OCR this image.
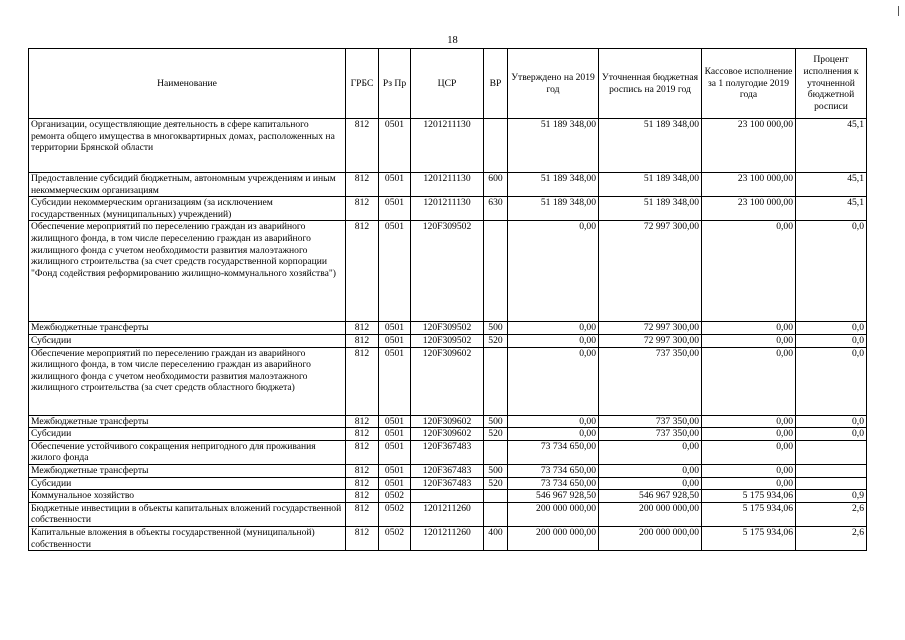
18
Наименование	ГРБС	Рз Пр	ЦСР	ВР	Утверждено на 2019 год	Уточненная бюджетная роспись на 2019 год	Кассовое исполнение за 1 полугодие 2019 года	Процент исполнения к уточненной бюджетной росписи
Организации, осуществляющие деятельность в сфере капитального ремонта общего имущества в многоквартирных домах, расположенных на территории Брянской области	812	0501	1201211130		51 189 348,00	51 189 348,00	23 100 000,00	45,1
Предоставление субсидий бюджетным, автономным учреждениям и иным некоммерческим организациям	812	0501	1201211130	600	51 189 348,00	51 189 348,00	23 100 000,00	45,1
Субсидии некоммерческим организациям (за исключением государственных (муниципальных) учреждений)	812	0501	1201211130	630	51 189 348,00	51 189 348,00	23 100 000,00	45,1
Обеспечение мероприятий по переселению граждан из аварийного жилищного фонда, в том числе переселению граждан из аварийного жилищного фонда с учетом необходимости развития малоэтажного жилищного строительства (за счет средств государственной корпорации "Фонд содействия реформированию жилищно-коммунального хозяйства")	812	0501	120F309502		0,00	72 997 300,00	0,00	0,0
Межбюджетные трансферты	812	0501	120F309502	500	0,00	72 997 300,00	0,00	0,0
Субсидии	812	0501	120F309502	520	0,00	72 997 300,00	0,00	0,0
Обеспечение мероприятий по переселению граждан из аварийного жилищного фонда, в том числе переселению граждан из аварийного жилищного фонда с учетом необходимости развития малоэтажного жилищного строительства (за счет средств областного бюджета)	812	0501	120F309602		0,00	737 350,00	0,00	0,0
Межбюджетные трансферты	812	0501	120F309602	500	0,00	737 350,00	0,00	0,0
Субсидии	812	0501	120F309602	520	0,00	737 350,00	0,00	0,0
Обеспечение устойчивого сокращения непригодного для проживания жилого фонда	812	0501	120F367483		73 734 650,00	0,00	0,00	
Межбюджетные трансферты	812	0501	120F367483	500	73 734 650,00	0,00	0,00	
Субсидии	812	0501	120F367483	520	73 734 650,00	0,00	0,00	
Коммунальное хозяйство	812	0502			546 967 928,50	546 967 928,50	5 175 934,06	0,9
Бюджетные инвестиции в объекты капитальных вложений государственной собственности	812	0502	1201211260		200 000 000,00	200 000 000,00	5 175 934,06	2,6
Капитальные вложения в объекты государственной (муниципальной) собственности	812	0502	1201211260	400	200 000 000,00	200 000 000,00	5 175 934,06	2,6
